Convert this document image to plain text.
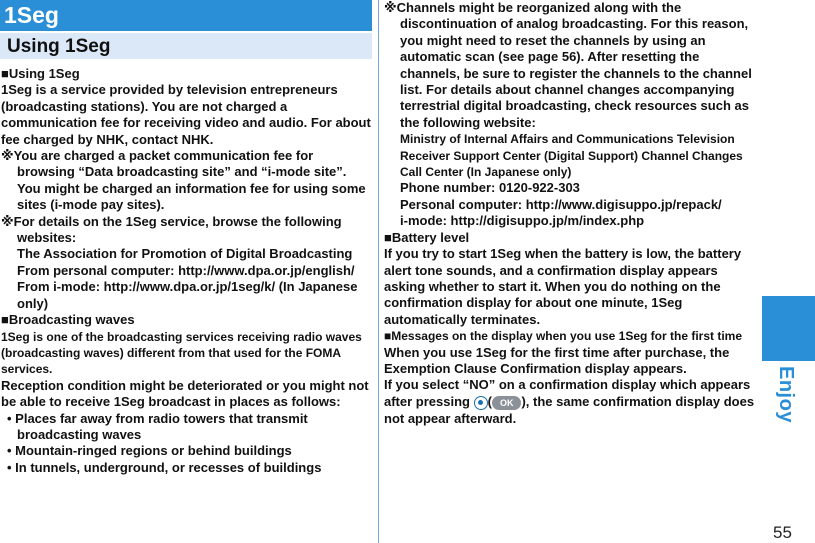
1Seg
Using 1Seg

■Using 1Seg

1Seg is a service provided by television entrepreneurs (broadcasting stations). You are not charged a communication fee for receiving video and audio. For about fee charged by NHK, contact NHK.

※You are charged a packet communication fee for browsing “Data broadcasting site” and “i-mode site”. You might be charged an information fee for using some sites (i-mode pay sites).

※For details on the 1Seg service, browse the following websites:

The Association for Promotion of Digital Broadcasting

From personal computer: http://www.dpa.or.jp/english/

From i-mode: http://www.dpa.or.jp/1seg/k/ (In Japanese only)

■Broadcasting waves

1Seg is one of the broadcasting services receiving radio waves (broadcasting waves) different from that used for the FOMA services.

Reception condition might be deteriorated or you might not be able to receive 1Seg broadcast in places as follows:

• Places far away from radio towers that transmit broadcasting waves

• Mountain-ringed regions or behind buildings

• In tunnels, underground, or recesses of buildings

※Channels might be reorganized along with the discontinuation of analog broadcasting. For this reason, you might need to reset the channels by using an automatic scan (see page 56). After resetting the channels, be sure to register the channels to the channel list. For details about channel changes accompanying terrestrial digital broadcasting, check resources such as the following website:

Ministry of Internal Affairs and Communications Television Receiver Support Center (Digital Support) Channel Changes Call Center (In Japanese only)

Phone number: 0120-922-303

Personal computer: http://www.digisuppo.jp/repack/

i-mode: http://digisuppo.jp/m/index.php

■Battery level

If you try to start 1Seg when the battery is low, the battery alert tone sounds, and a confirmation display appears asking whether to start it. When you do nothing on the confirmation display for about one minute, 1Seg automatically terminates.

■Messages on the display when you use 1Seg for the first time

When you use 1Seg for the first time after purchase, the Exemption Clause Confirmation display appears.

If you select “NO” on a confirmation display which appears after pressing ( OK ), the same confirmation display does not appear afterward.	Enjoy
55
